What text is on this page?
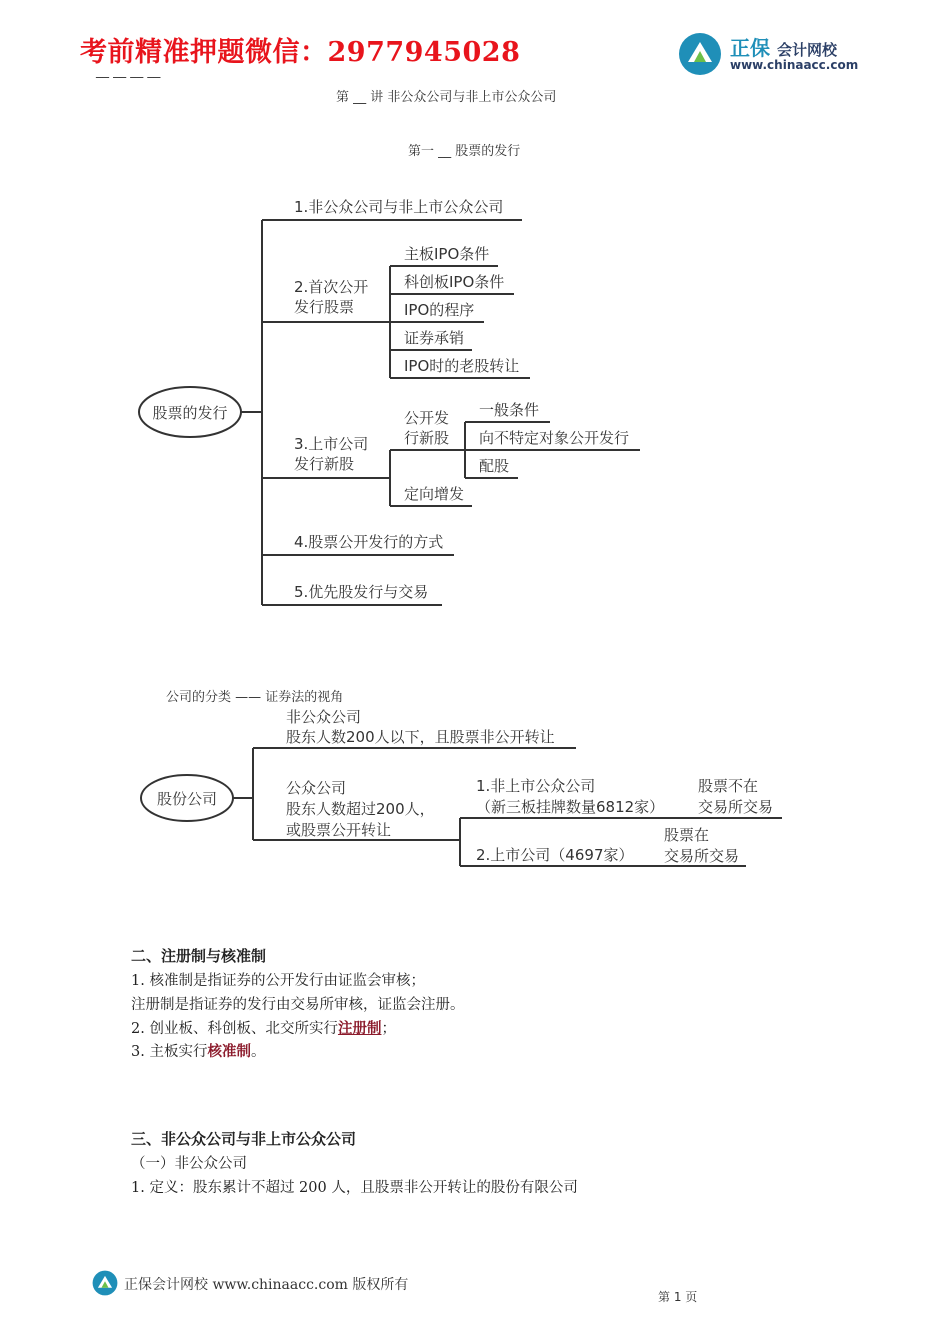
考前精准押题微信：2977945028	正保 会计网校
www.chinaacc.com
__ __ __ __
第 __ 讲 非公众公司与非上市公众公司
第一 __ 股票的发行
股票的发行
1.非公众公司与非上市公众公司
2.首次公开
发行股票
主板IPO条件
科创板IPO条件
IPO的程序
证券承销
IPO时的老股转让
3.上市公司
发行新股
公开发
行新股
定向增发
一般条件
向不特定对象公开发行
配股
4.股票公开发行的方式
5.优先股发行与交易
公司的分类 —— 证券法的视角
股份公司
非公众公司
股东人数200人以下，且股票非公开转让
公众公司
股东人数超过200人，
或股票公开转让
1.非上市公众公司
（新三板挂牌数量6812家）
股票不在
交易所交易
2.上市公司（4697家）
股票在
交易所交易
二、注册制与核准制
1. 核准制是指证券的公开发行由证监会审核；
注册制是指证券的发行由交易所审核，证监会注册。
2. 创业板、科创板、北交所实行注册制；
3. 主板实行核准制。
三、非公众公司与非上市公众公司
（一）非公众公司
1. 定义：股东累计不超过 200 人，且股票非公开转让的股份有限公司
正保会计网校 www.chinaacc.com 版权所有
第 1 页
